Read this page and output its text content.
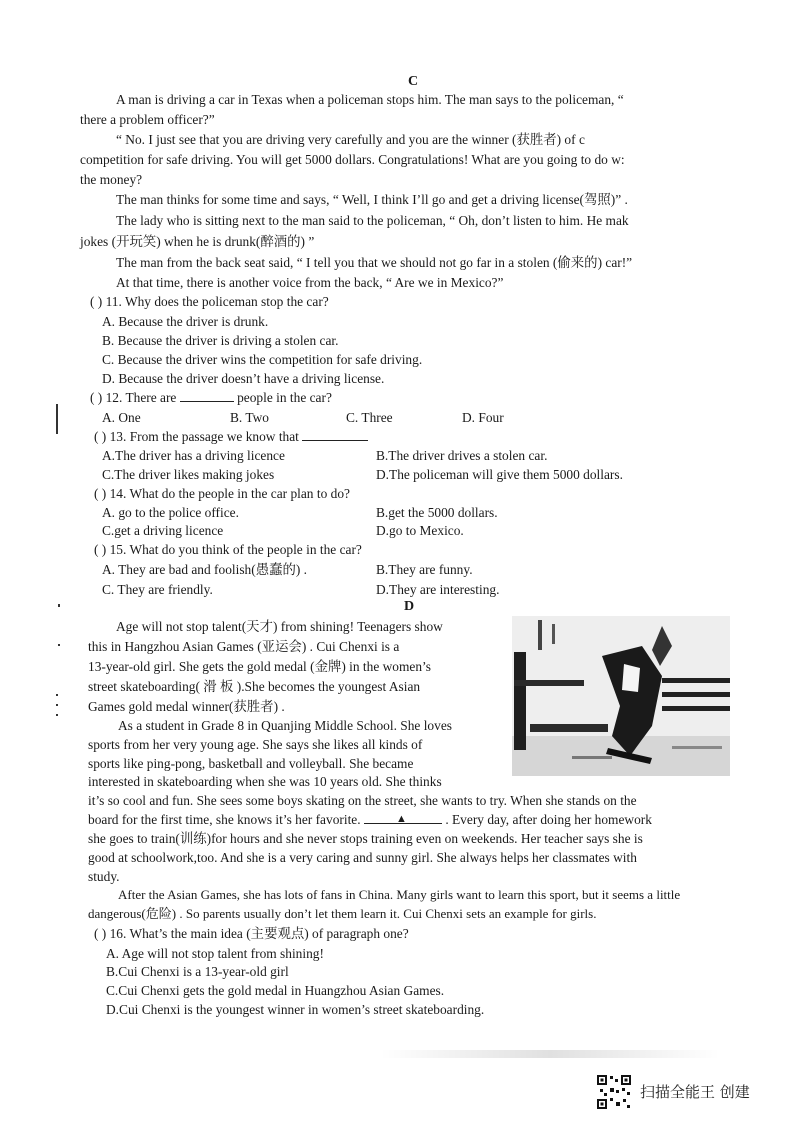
C
A man is driving a car in Texas when a policeman stops him. The man says to the policeman, “
there a problem officer?”
“ No. I just see that you are driving very carefully and you are the winner (获胜者) of c
competition for safe driving. You will get 5000 dollars. Congratulations! What are you going to do w:
the money?
The man thinks for some time and says, “ Well, I think I’ll go and get a driving license(驾照)” .
The lady who is sitting next to the man said to the policeman, “ Oh, don’t listen to him. He mak
jokes (开玩笑) when he is drunk(醉酒的) ”
The man from the back seat said, “ I tell you that we should not go far in a stolen (偷来的) car!”
At that time, there is another voice from the back, “ Are we in Mexico?”
( ) 11. Why does the policeman stop the car?
A. Because the driver is drunk.
B. Because the driver is driving a stolen car.
C. Because the driver wins the competition for safe driving.
D. Because the driver doesn’t have a driving license.
( ) 12. There are	people in the car?
A. One	B. Two	C. Three	D. Four
( ) 13. From the passage we know that
A.The driver has a driving licence	B.The driver drives a stolen car.
C.The driver likes making jokes	D.The policeman will give them 5000 dollars.
( ) 14. What do the people in the car plan to do?
A. go to the police office.	B.get the 5000 dollars.
C.get a driving licence	D.go to Mexico.
( ) 15. What do you think of the people in the car?
A. They are bad and foolish(愚蠢的) .	B.They are funny.
C. They are friendly.	D.They are interesting.
D
Age will not stop talent(天才) from shining! Teenagers show
this in Hangzhou Asian Games (亚运会) . Cui Chenxi is a
13-year-old girl. She gets the gold medal (金牌) in the women’s
street skateboarding( 滑 板 ).She becomes the youngest Asian
Games gold medal winner(获胜者) .
As a student in Grade 8 in Quanjing Middle School. She loves
sports from her very young age. She says she likes all kinds of
sports like ping-pong, basketball and volleyball. She became
interested in skateboarding when she was 10 years old. She thinks
it’s so cool and fun. She sees some boys skating on the street, she wants to try. When she stands on the
board for the first time, she knows it’s her favorite.	▲	. Every day, after doing her homework
she goes to train(训练)for hours and she never stops training even on weekends. Her teacher says she is
good at schoolwork,too. And she is a very caring and sunny girl. She always helps her classmates with
study.
After the Asian Games, she has lots of fans in China. Many girls want to learn this sport, but it seems a little
dangerous(危险) . So parents usually don’t let them learn it. Cui Chenxi sets an example for girls.
( ) 16. What’s the main idea (主要观点) of paragraph one?
A. Age will not stop talent from shining!
B.Cui Chenxi is a 13-year-old girl
C.Cui Chenxi gets the gold medal in Huangzhou Asian Games.
D.Cui Chenxi is the youngest winner in women’s street skateboarding.
扫描全能王 创建
